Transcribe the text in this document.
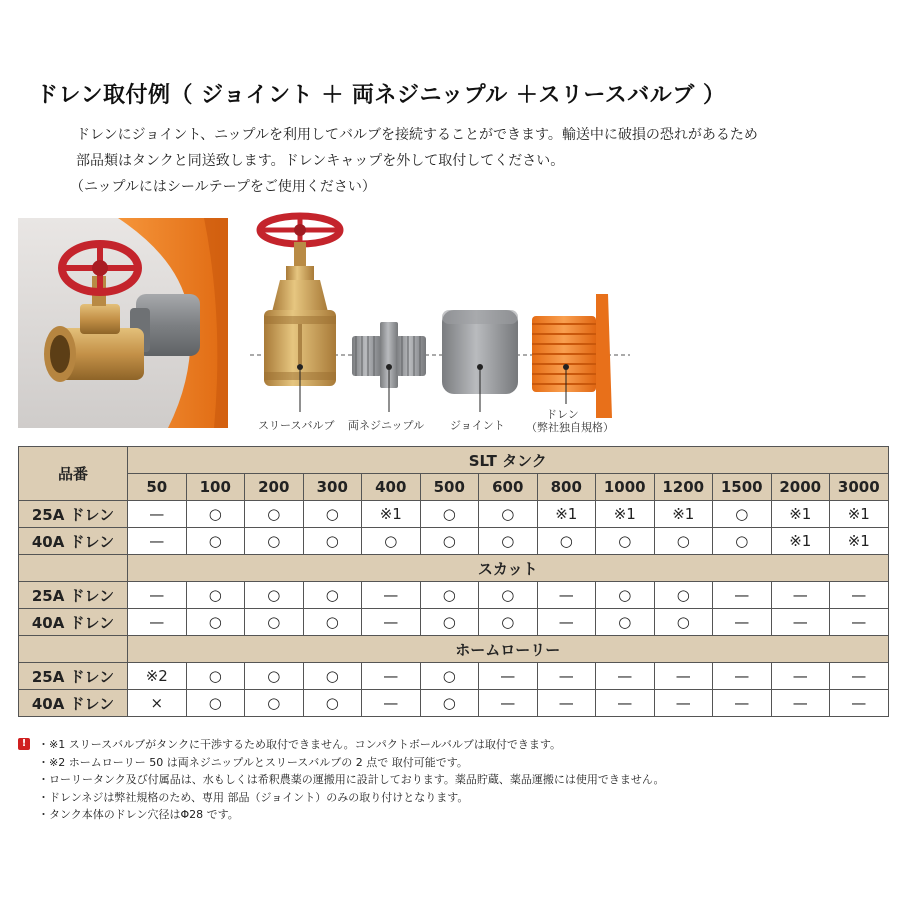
ドレン取付例（ ジョイント ＋ 両ネジニップル ＋スリースバルブ ）
ドレンにジョイント、ニップルを利用してバルブを接続することができます。輸送中に破損の恐れがあるため
部品類はタンクと同送致します。ドレンキャップを外して取付してください。
（ニップルにはシールテープをご使用ください）
スリースバルブ 両ネジニップル ジョイント
ドレン
（弊社独自規格）
品番	SLT タンク												
	50	100	200	300	400	500	600	800	1000	1200	1500	2000	3000
25A ドレン	—	○	○	○	※1	○	○	※1	※1	※1	○	※1	※1
40A ドレン	—	○	○	○	○	○	○	○	○	○	○	※1	※1
	スカット												
25A ドレン	—	○	○	○	—	○	○	—	○	○	—	—	—
40A ドレン	—	○	○	○	—	○	○	—	○	○	—	—	—
	ホームローリー												
25A ドレン	※2	○	○	○	—	○	—	—	—	—	—	—	—
40A ドレン	×	○	○	○	—	○	—	—	—	—	—	—	—
!	・※1 スリースバルブがタンクに干渉するため取付できません。コンパクトボールバルブは取付できます。
・※2 ホームローリー 50 は両ネジニップルとスリースバルブの 2 点で 取付可能です。
・ローリータンク及び付属品は、水もしくは希釈農薬の運搬用に設計しております。薬品貯蔵、薬品運搬には使用できません。
・ドレンネジは弊社規格のため、専用 部品（ジョイント）のみの取り付けとなります。
・タンク本体のドレン穴径はΦ28 です。
